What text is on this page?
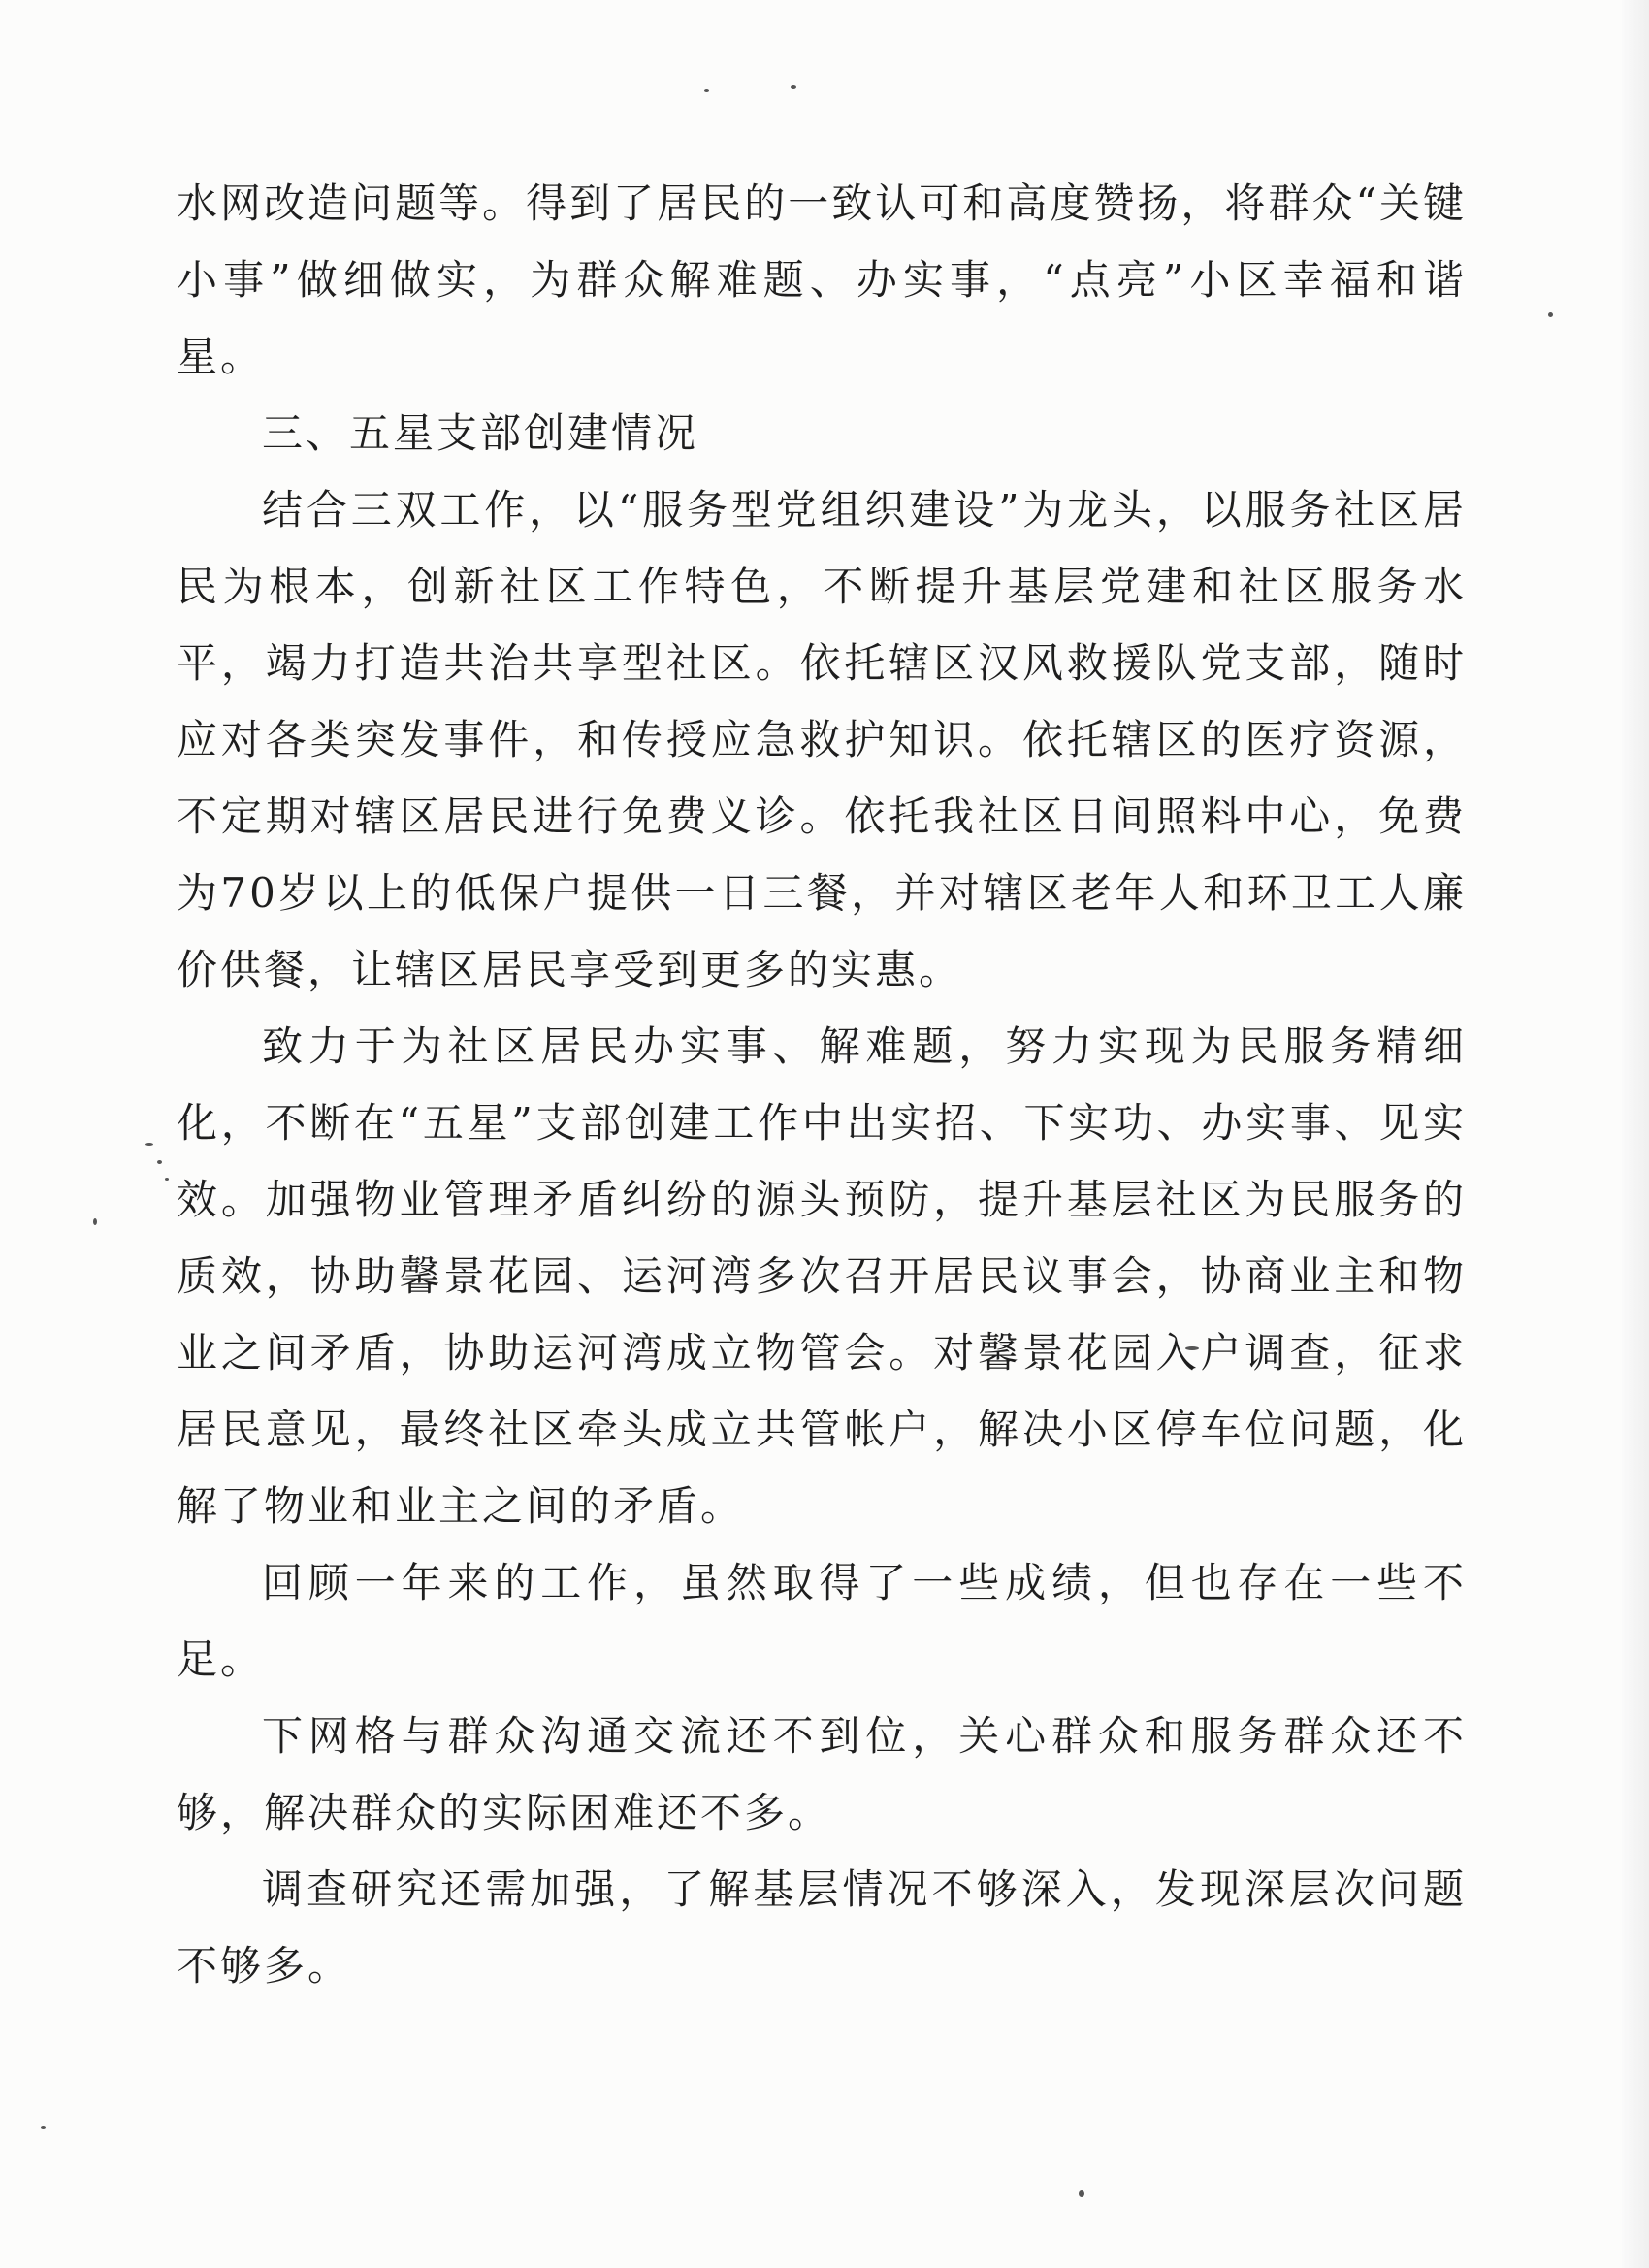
水网改造问题等。得到了居民的一致认可和高度赞扬，将群众“关键小事”做细做实，为群众解难题、办实事，“点亮”小区幸福和谐星。

三、五星支部创建情况

结合三双工作，以“服务型党组织建设”为龙头，以服务社区居民为根本，创新社区工作特色，不断提升基层党建和社区服务水平，竭力打造共治共享型社区。依托辖区汉风救援队党支部，随时应对各类突发事件，和传授应急救护知识。依托辖区的医疗资源，不定期对辖区居民进行免费义诊。依托我社区日间照料中心，免费为70岁以上的低保户提供一日三餐，并对辖区老年人和环卫工人廉价供餐，让辖区居民享受到更多的实惠。

致力于为社区居民办实事、解难题，努力实现为民服务精细化，不断在“五星”支部创建工作中出实招、下实功、办实事、见实效。加强物业管理矛盾纠纷的源头预防，提升基层社区为民服务的质效，协助馨景花园、运河湾多次召开居民议事会，协商业主和物业之间矛盾，协助运河湾成立物管会。对馨景花园入户调查，征求居民意见，最终社区牵头成立共管帐户，解决小区停车位问题，化解了物业和业主之间的矛盾。

回顾一年来的工作，虽然取得了一些成绩，但也存在一些不足。

下网格与群众沟通交流还不到位，关心群众和服务群众还不够，解决群众的实际困难还不多。

调查研究还需加强，了解基层情况不够深入，发现深层次问题不够多。
